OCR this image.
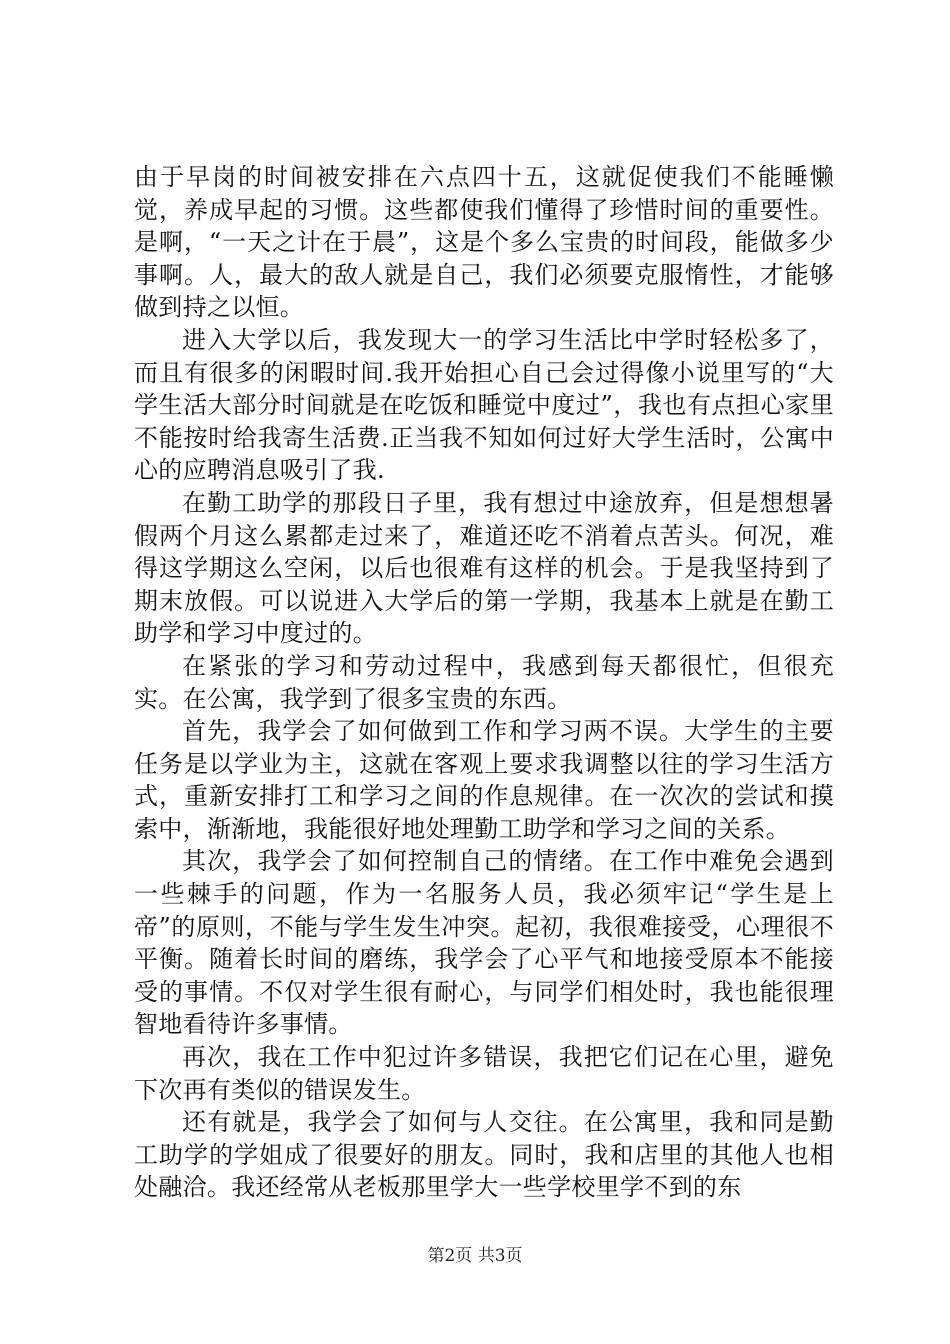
由于早岗的时间被安排在六点四十五，这就促使我们不能睡懒觉，养成早起的习惯。这些都使我们懂得了珍惜时间的重要性。是啊，“一天之计在于晨”，这是个多么宝贵的时间段，能做多少事啊。人，最大的敌人就是自己，我们必须要克服惰性，才能够做到持之以恒。

进入大学以后，我发现大一的学习生活比中学时轻松多了，而且有很多的闲暇时间.我开始担心自己会过得像小说里写的“大学生活大部分时间就是在吃饭和睡觉中度过”，我也有点担心家里不能按时给我寄生活费.正当我不知如何过好大学生活时，公寓中心的应聘消息吸引了我.

在勤工助学的那段日子里，我有想过中途放弃，但是想想暑假两个月这么累都走过来了，难道还吃不消着点苦头。何况，难得这学期这么空闲，以后也很难有这样的机会。于是我坚持到了期末放假。可以说进入大学后的第一学期，我基本上就是在勤工助学和学习中度过的。

在紧张的学习和劳动过程中，我感到每天都很忙，但很充实。在公寓，我学到了很多宝贵的东西。

首先，我学会了如何做到工作和学习两不误。大学生的主要任务是以学业为主，这就在客观上要求我调整以往的学习生活方式，重新安排打工和学习之间的作息规律。在一次次的尝试和摸索中，渐渐地，我能很好地处理勤工助学和学习之间的关系。

其次，我学会了如何控制自己的情绪。在工作中难免会遇到一些棘手的问题，作为一名服务人员，我必须牢记“学生是上帝”的原则，不能与学生发生冲突。起初，我很难接受，心理很不平衡。随着长时间的磨练，我学会了心平气和地接受原本不能接受的事情。不仅对学生很有耐心，与同学们相处时，我也能很理智地看待许多事情。

再次，我在工作中犯过许多错误，我把它们记在心里，避免下次再有类似的错误发生。

还有就是，我学会了如何与人交往。在公寓里，我和同是勤工助学的学姐成了很要好的朋友。同时，我和店里的其他人也相处融洽。我还经常从老板那里学大一些学校里学不到的东

第2页 共3页
